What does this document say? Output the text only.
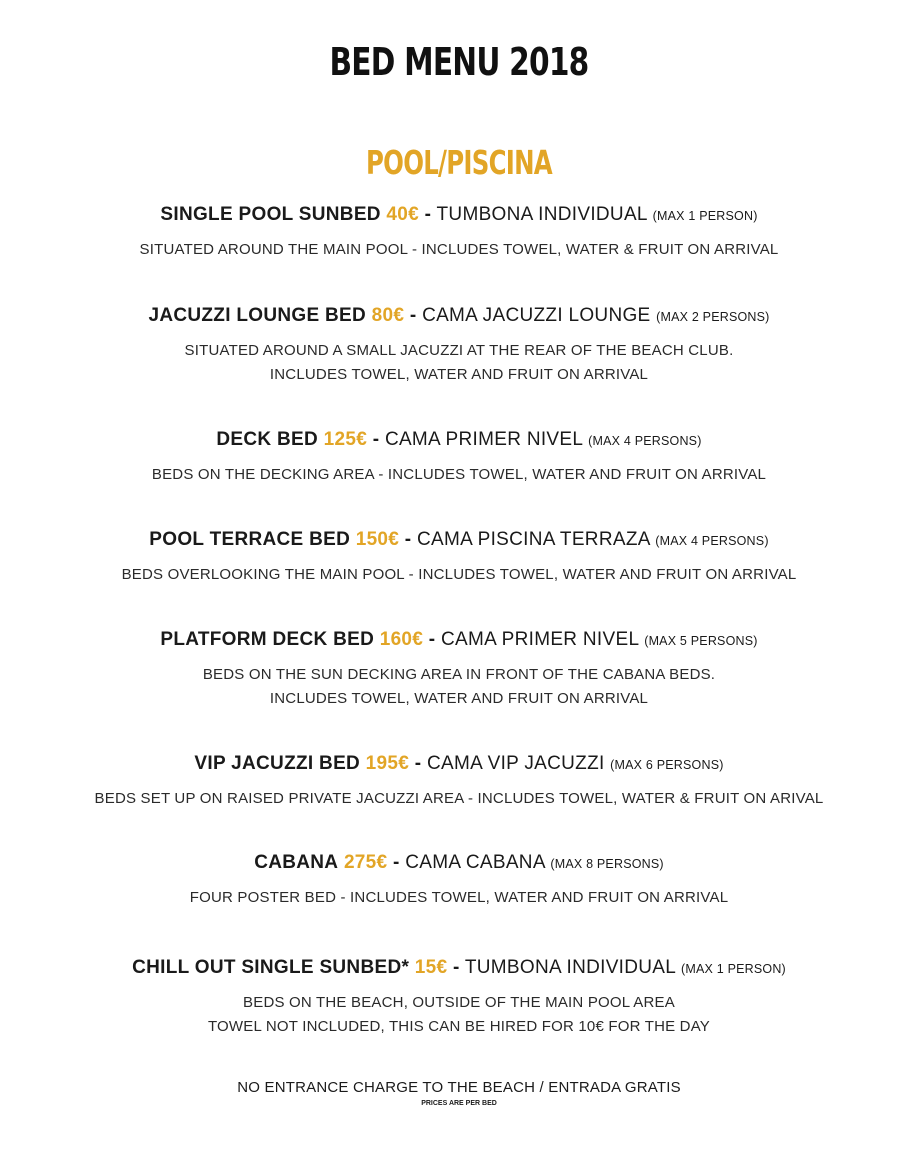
BED MENU 2018
POOL/PISCINA
SINGLE POOL SUNBED 40€ - TUMBONA INDIVIDUAL (MAX 1 PERSON)
SITUATED AROUND THE MAIN POOL - INCLUDES TOWEL, WATER & FRUIT ON ARRIVAL
JACUZZI LOUNGE BED 80€ - CAMA JACUZZI LOUNGE (MAX 2 PERSONS)
SITUATED AROUND A SMALL JACUZZI AT THE REAR OF THE BEACH CLUB.
INCLUDES TOWEL, WATER AND FRUIT ON ARRIVAL
DECK BED 125€ - CAMA PRIMER NIVEL (MAX 4 PERSONS)
BEDS ON THE DECKING AREA - INCLUDES TOWEL, WATER AND FRUIT ON ARRIVAL
POOL TERRACE BED 150€ - CAMA PISCINA TERRAZA (MAX 4 PERSONS)
BEDS OVERLOOKING THE MAIN POOL - INCLUDES TOWEL, WATER AND FRUIT ON ARRIVAL
PLATFORM DECK BED 160€ - CAMA PRIMER NIVEL (MAX 5 PERSONS)
BEDS ON THE SUN DECKING AREA IN FRONT OF THE CABANA BEDS.
INCLUDES TOWEL, WATER AND FRUIT ON ARRIVAL
VIP JACUZZI BED 195€ - CAMA VIP JACUZZI (MAX 6 PERSONS)
BEDS SET UP ON RAISED PRIVATE JACUZZI AREA - INCLUDES TOWEL, WATER & FRUIT ON ARIVAL
CABANA 275€ - CAMA CABANA (MAX 8 PERSONS)
FOUR POSTER BED - INCLUDES TOWEL, WATER AND FRUIT ON ARRIVAL
CHILL OUT SINGLE SUNBED* 15€ - TUMBONA INDIVIDUAL (MAX 1 PERSON)
BEDS ON THE BEACH, OUTSIDE OF THE MAIN POOL AREA
TOWEL NOT INCLUDED, THIS CAN BE HIRED FOR 10€ FOR THE DAY
NO ENTRANCE CHARGE TO THE BEACH / ENTRADA GRATIS
PRICES ARE PER BED
